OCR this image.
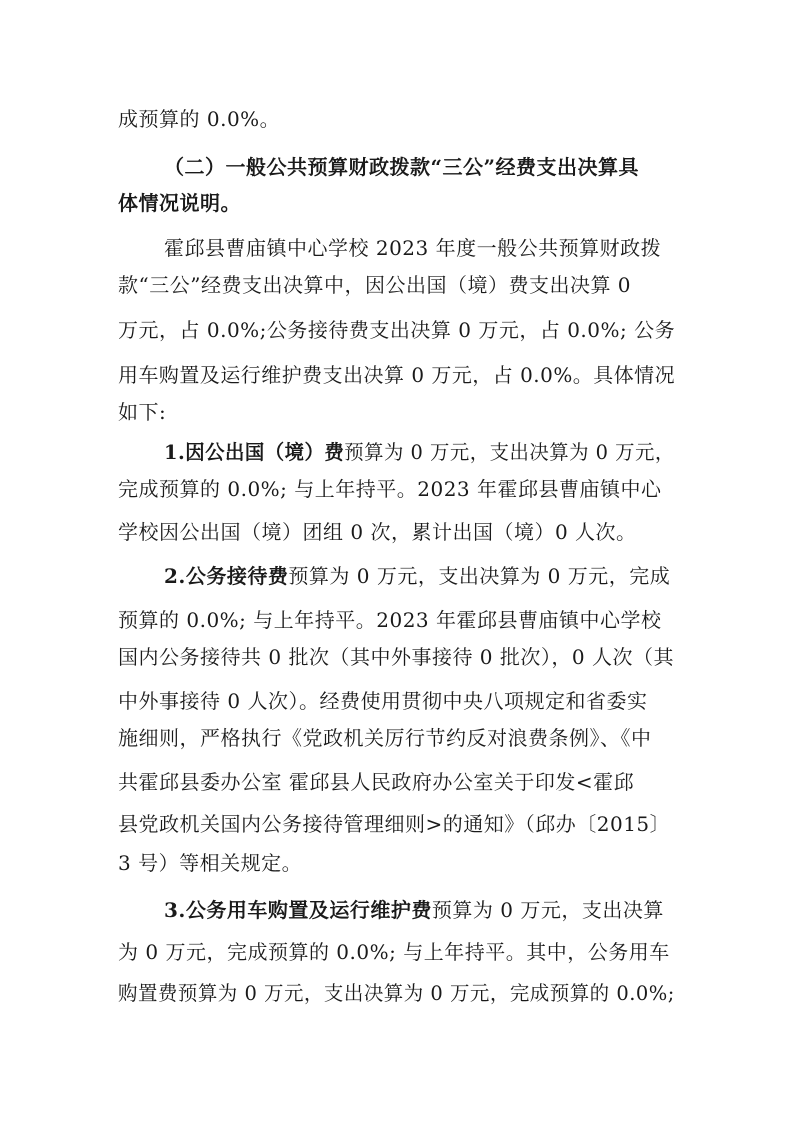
成预算的 0.0%。
（二）一般公共预算财政拨款“三公”经费支出决算具
体情况说明。
霍邱县曹庙镇中心学校 2023 年度一般公共预算财政拨
款“三公”经费支出决算中，因公出国（境）费支出决算 0
万元，占 0.0%;公务接待费支出决算 0 万元，占 0.0%; 公务
用车购置及运行维护费支出决算 0 万元，占 0.0%。具体情况
如下:
1.因公出国（境）费预算为 0 万元，支出决算为 0 万元，
完成预算的 0.0%; 与上年持平。2023 年霍邱县曹庙镇中心
学校因公出国（境）团组 0 次，累计出国（境）0 人次。
2.公务接待费预算为 0 万元，支出决算为 0 万元，完成
预算的 0.0%; 与上年持平。2023 年霍邱县曹庙镇中心学校
国内公务接待共 0 批次（其中外事接待 0 批次），0 人次（其
中外事接待 0 人次）。经费使用贯彻中央八项规定和省委实
施细则，严格执行《党政机关厉行节约反对浪费条例》、《中
共霍邱县委办公室 霍邱县人民政府办公室关于印发<霍邱
县党政机关国内公务接待管理细则>的通知》（邱办〔2015〕
3 号）等相关规定。
3.公务用车购置及运行维护费预算为 0 万元，支出决算
为 0 万元，完成预算的 0.0%; 与上年持平。其中，公务用车
购置费预算为 0 万元，支出决算为 0 万元，完成预算的 0.0%;
